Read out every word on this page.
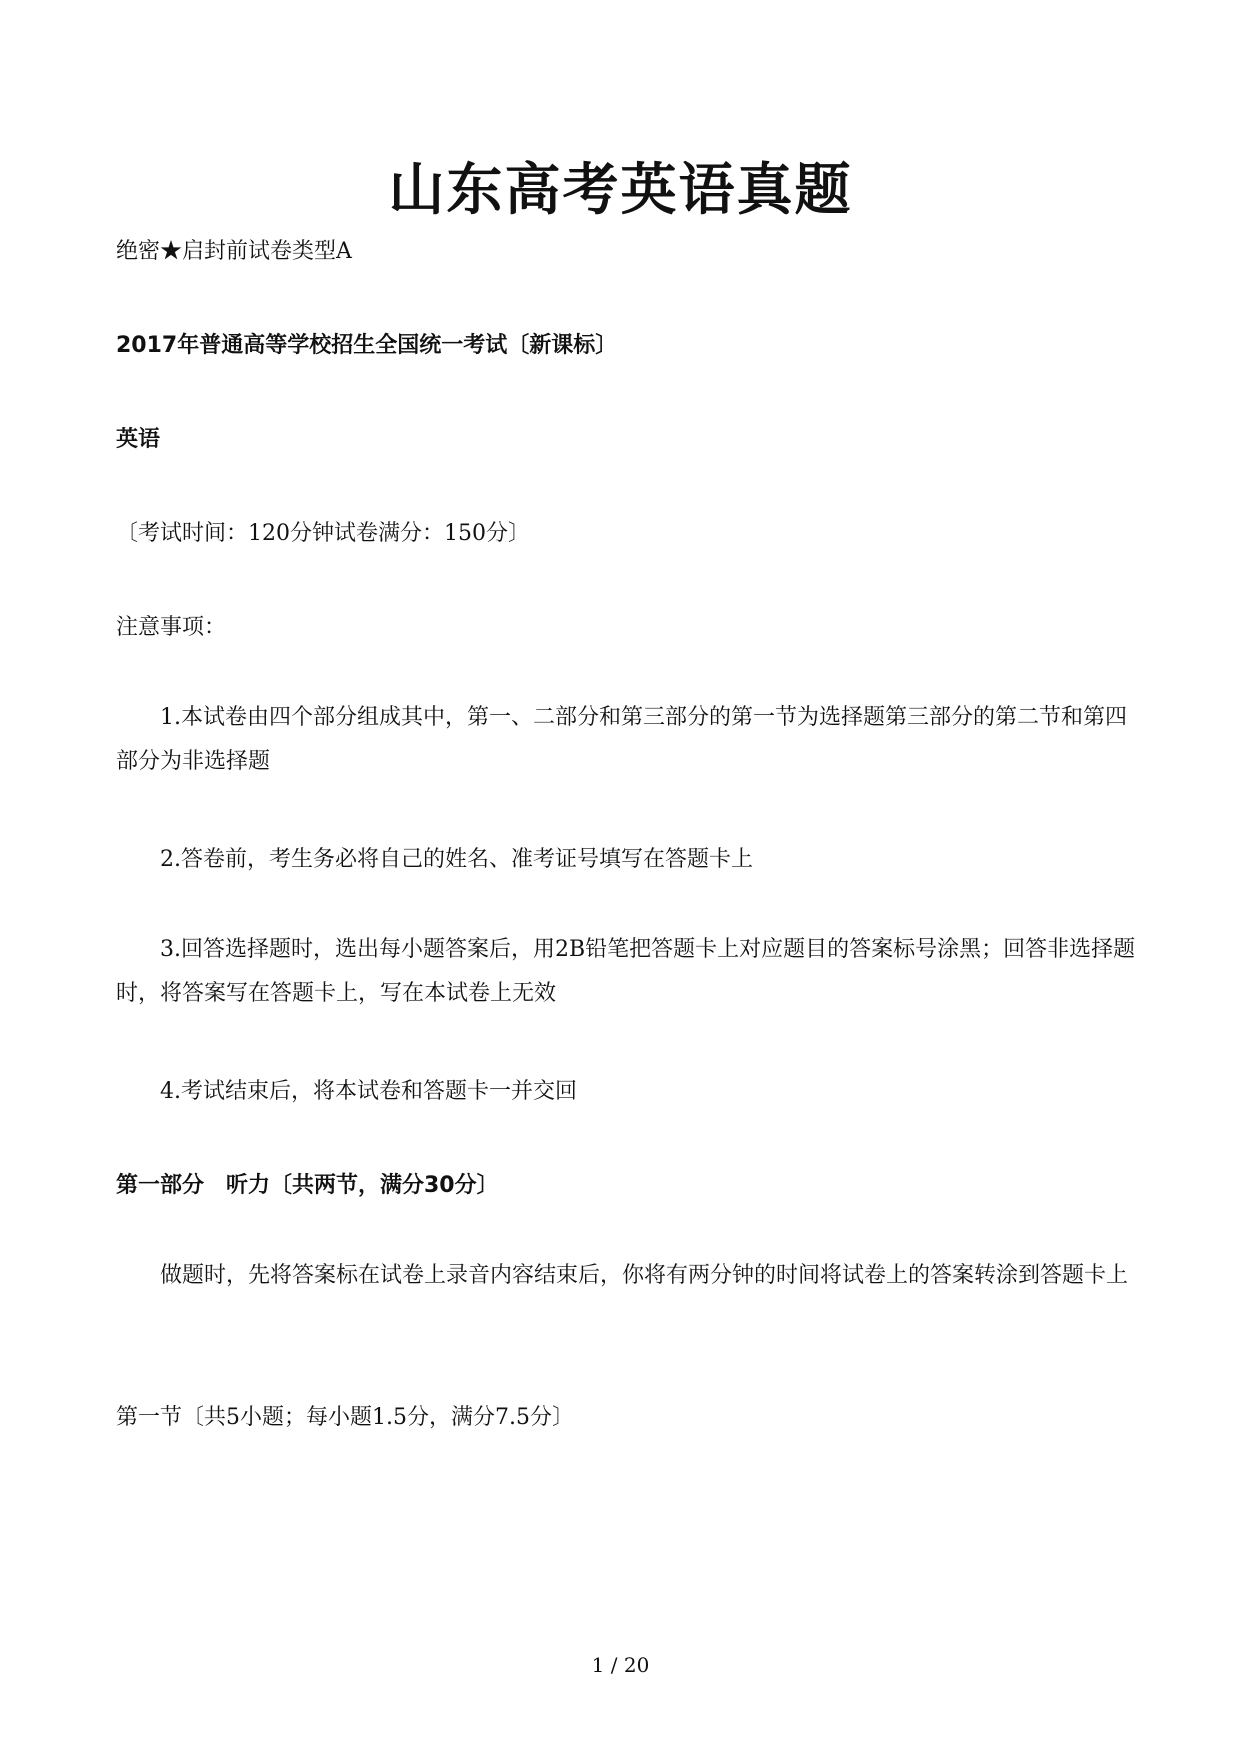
山东高考英语真题
绝密★启封前试卷类型A
2017年普通高等学校招生全国统一考试〔新课标〕
英语
〔考试时间：120分钟试卷满分：150分〕
注意事项：
1.本试卷由四个部分组成其中，第一、二部分和第三部分的第一节为选择题第三部分的第二节和第四部分为非选择题
2.答卷前，考生务必将自己的姓名、准考证号填写在答题卡上
3.回答选择题时，选出每小题答案后，用2B铅笔把答题卡上对应题目的答案标号涂黑；回答非选择题时，将答案写在答题卡上，写在本试卷上无效
4.考试结束后，将本试卷和答题卡一并交回
第一部分　听力〔共两节，满分30分〕
做题时，先将答案标在试卷上录音内容结束后，你将有两分钟的时间将试卷上的答案转涂到答题卡上
第一节〔共5小题；每小题1.5分，满分7.5分〕
1 / 20
